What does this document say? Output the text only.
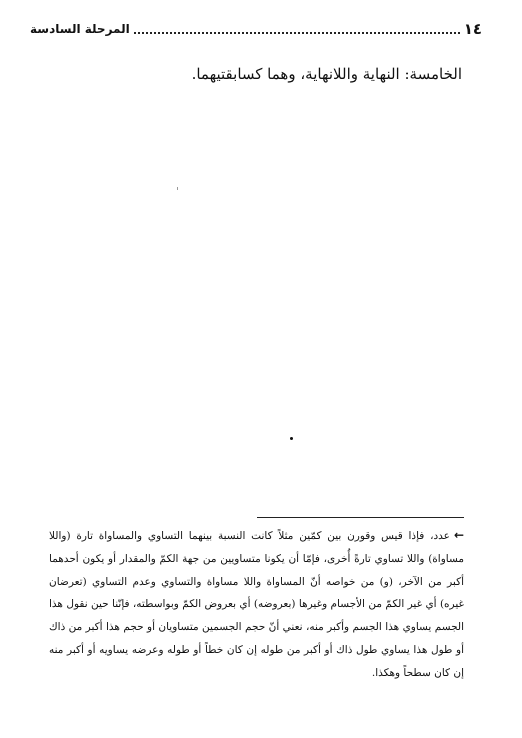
١٤
المرحلة السادسة
الخامسة: النهاية واللانهاية، وهما كسابقتيهما.

←عدد، فإذا قيس وقورن بين كمّين مثلاً كانت النسبة بينهما التساوي والمساواة تارة (واللا مساواة) واللا تساوي تارةً أُخرى، فإمّا أن يكونا متساويين من جهة الكمّ والمقدار أو يكون أحدهما أكبر من الآخر، (و) من خواصه أنّ المساواة واللا مساواة والتساوي وعدم التساوي (تعرضان غيره) أي غير الكمّ من الأجسام وغيرها (بعروضه) أي بعروض الكمّ وبواسطته، فإنّنا حين نقول هذا الجسم يساوي هذا الجسم وأكبر منه، نعني أنّ حجم الجسمين متساويان أو حجم هذا أكبر من ذاك أو طول هذا يساوي طول ذاك أو أكبر من طوله إن كان خطاً أو طوله وعرضه يساويه أو أكبر منه إن كان سطحاً وهكذا.
